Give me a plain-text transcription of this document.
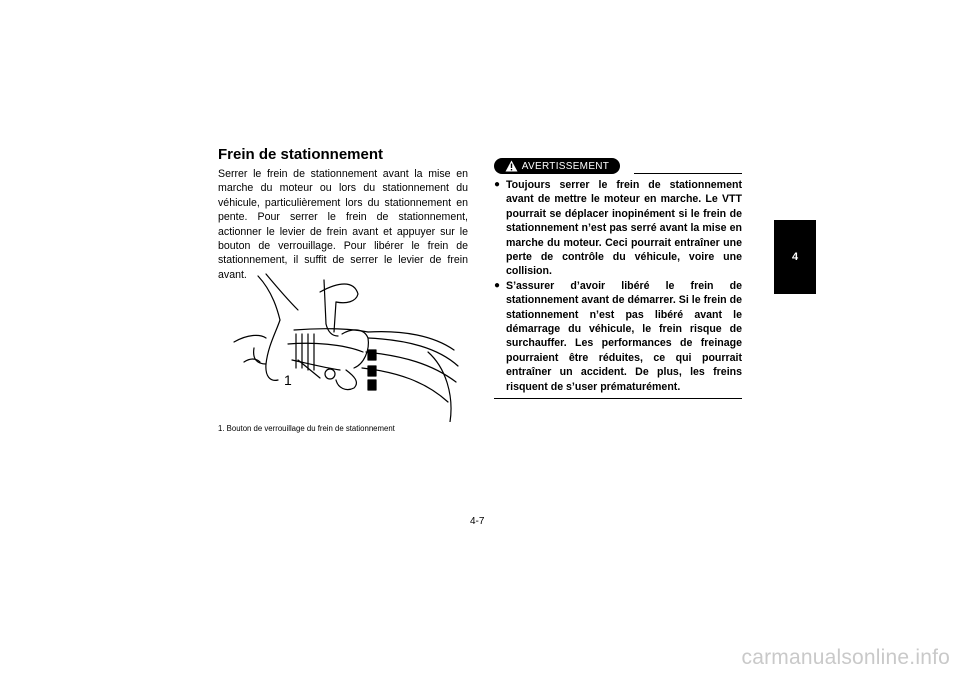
Frein de stationnement

Serrer le frein de stationnement avant la mise en marche du moteur ou lors du stationnement du véhicule, particulièrement lors du stationnement en pente. Pour serrer le frein de stationnement, actionner le levier de frein avant et appuyer sur le bouton de verrouillage. Pour libérer le frein de stationnement, il suffit de serrer le levier de frein avant.

1
1. Bouton de verrouillage du frein de stationnement
AVERTISSEMENT
● Toujours serrer le frein de stationnement avant de mettre le moteur en marche. Le VTT pourrait se déplacer inopinément si le frein de stationnement n’est pas serré avant la mise en marche du moteur. Ceci pourrait entraîner une perte de contrôle du véhicule, voire une collision.
● S’assurer d’avoir libéré le frein de stationnement avant de démarrer. Si le frein de stationnement n’est pas libéré avant le démarrage du véhicule, le frein risque de surchauffer. Les performances de freinage pourraient être réduites, ce qui pourrait entraîner un accident. De plus, les freins risquent de s’user prématurément.
4
4-7
carmanualsonline.info
